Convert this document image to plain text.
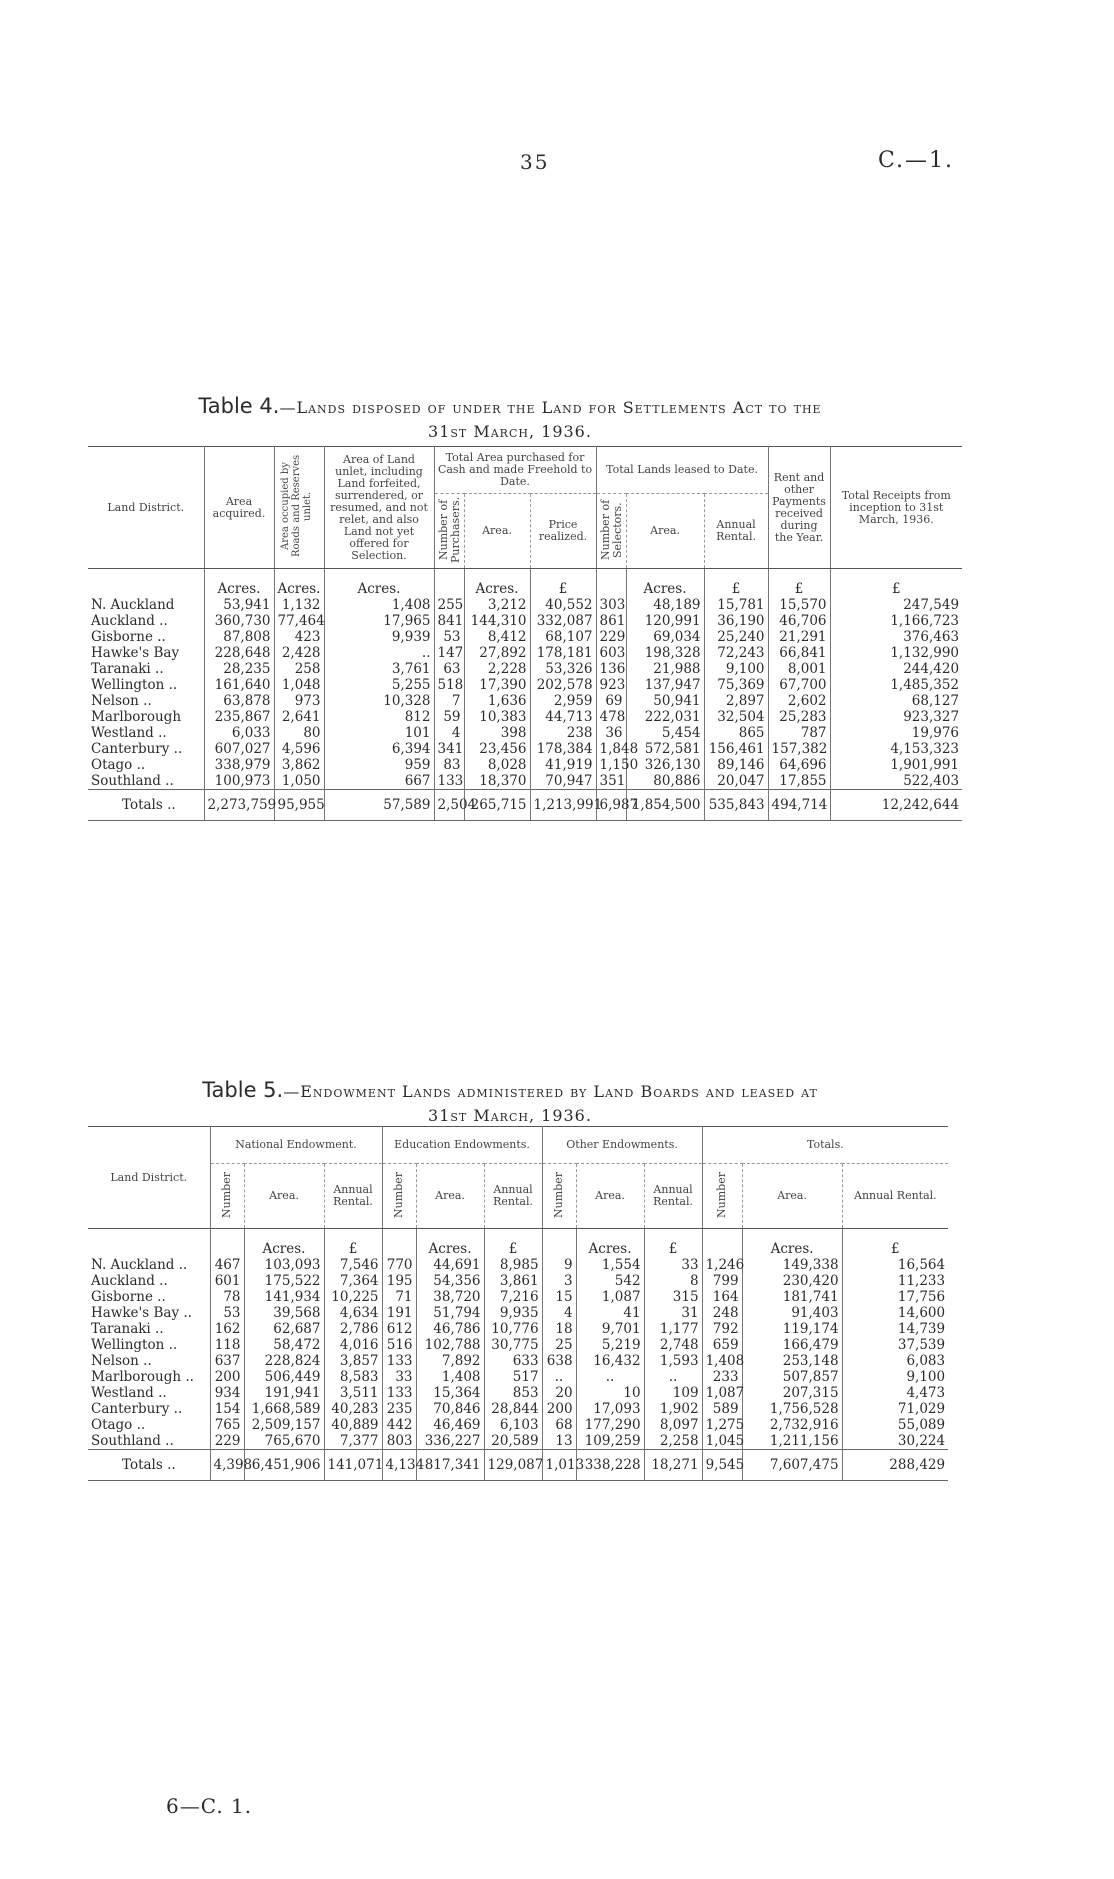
35	C.—1.
Table 4.—Lands disposed of under the Land for Settlements Act to the
31st March, 1936.
Land District.	Area acquired.	Area occupied by Roads and Reserves unlet.	Area of Land unlet, including Land forfeited, surrendered, or resumed, and not relet, and also Land not yet offered for Selection.	Total Area purchased for Cash and made Freehold to Date.			Total Lands leased to Date.			Rent and other Payments received during the Year.	Total Receipts from inception to 31st March, 1936.
				Number of Purchasers.	Area.	Price realized.	Number of Selectors.	Area.	Annual Rental.		
	Acres.	Acres.	Acres.		Acres.	£		Acres.	£	£	£
N. Auckland	53,941	1,132	1,408	255	3,212	40,552	303	48,189	15,781	15,570	247,549
Auckland ..	360,730	77,464	17,965	841	144,310	332,087	861	120,991	36,190	46,706	1,166,723
Gisborne ..	87,808	423	9,939	53	8,412	68,107	229	69,034	25,240	21,291	376,463
Hawke's Bay	228,648	2,428	..	147	27,892	178,181	603	198,328	72,243	66,841	1,132,990
Taranaki ..	28,235	258	3,761	63	2,228	53,326	136	21,988	9,100	8,001	244,420
Wellington ..	161,640	1,048	5,255	518	17,390	202,578	923	137,947	75,369	67,700	1,485,352
Nelson ..	63,878	973	10,328	7	1,636	2,959	69	50,941	2,897	2,602	68,127
Marlborough	235,867	2,641	812	59	10,383	44,713	478	222,031	32,504	25,283	923,327
Westland ..	6,033	80	101	4	398	238	36	5,454	865	787	19,976
Canterbury ..	607,027	4,596	6,394	341	23,456	178,384	1,848	572,581	156,461	157,382	4,153,323
Otago ..	338,979	3,862	959	83	8,028	41,919	1,150	326,130	89,146	64,696	1,901,991
Southland ..	100,973	1,050	667	133	18,370	70,947	351	80,886	20,047	17,855	522,403
Totals ..	2,273,759	95,955	57,589	2,504	265,715	1,213,991	6,987	1,854,500	535,843	494,714	12,242,644
Table 5.—Endowment Lands administered by Land Boards and leased at
31st March, 1936.
Land District.	National Endowment.			Education Endowments.			Other Endowments.			Totals.		
	Number	Area.	Annual Rental.	Number	Area.	Annual Rental.	Number	Area.	Annual Rental.	Number	Area.	Annual Rental.
		Acres.	£		Acres.	£		Acres.	£		Acres.	£
N. Auckland ..	467	103,093	7,546	770	44,691	8,985	9	1,554	33	1,246	149,338	16,564
Auckland ..	601	175,522	7,364	195	54,356	3,861	3	542	8	799	230,420	11,233
Gisborne ..	78	141,934	10,225	71	38,720	7,216	15	1,087	315	164	181,741	17,756
Hawke's Bay ..	53	39,568	4,634	191	51,794	9,935	4	41	31	248	91,403	14,600
Taranaki ..	162	62,687	2,786	612	46,786	10,776	18	9,701	1,177	792	119,174	14,739
Wellington ..	118	58,472	4,016	516	102,788	30,775	25	5,219	2,748	659	166,479	37,539
Nelson ..	637	228,824	3,857	133	7,892	633	638	16,432	1,593	1,408	253,148	6,083
Marlborough ..	200	506,449	8,583	33	1,408	517	..	..	..	233	507,857	9,100
Westland ..	934	191,941	3,511	133	15,364	853	20	10	109	1,087	207,315	4,473
Canterbury ..	154	1,668,589	40,283	235	70,846	28,844	200	17,093	1,902	589	1,756,528	71,029
Otago ..	765	2,509,157	40,889	442	46,469	6,103	68	177,290	8,097	1,275	2,732,916	55,089
Southland ..	229	765,670	7,377	803	336,227	20,589	13	109,259	2,258	1,045	1,211,156	30,224
Totals ..	4,398	6,451,906	141,071	4,134	817,341	129,087	1,013	338,228	18,271	9,545	7,607,475	288,429
6—C. 1.
